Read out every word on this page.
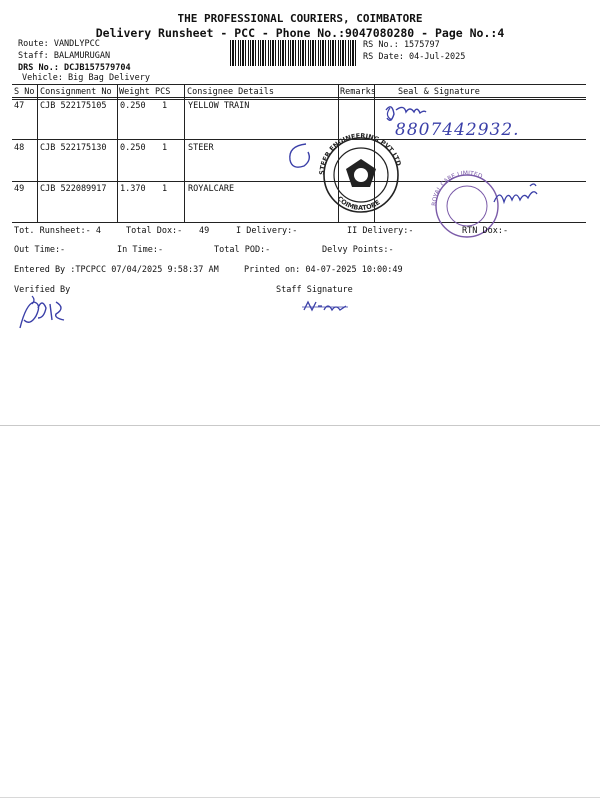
THE PROFESSIONAL COURIERS, COIMBATORE
Delivery Runsheet - PCC - Phone No.:9047080280 - Page No.:4
Route: VANDLYPCC
Staff: BALAMURUGAN
DRS No.: DCJB157579704
Vehicle: Big Bag Delivery
RS No.: 1575797
RS Date: 04-Jul-2025
S No Consignment No Weight PCS Consignee Details	Remarks	Seal & Signature
47 CJB 522175105 0.250 1 YELLOW TRAIN
48 CJB 522175130 0.250 1 STEER
49 CJB 522089917 1.370 1 ROYALCARE
8807442932.
STEER ENGINEERING PVT LTD
COIMBATORE	ROYAL CARE LIMITED
Tot. Runsheet:- 4	Total Dox:- 49	I Delivery:-	II Delivery:-	RTN Dox:-
Out Time:-	In Time:-	Total POD:-	Delvy Points:-
Entered By :TPCPCC 07/04/2025 9:58:37 AM	Printed on: 04-07-2025 10:00:49
Verified By	Staff Signature
